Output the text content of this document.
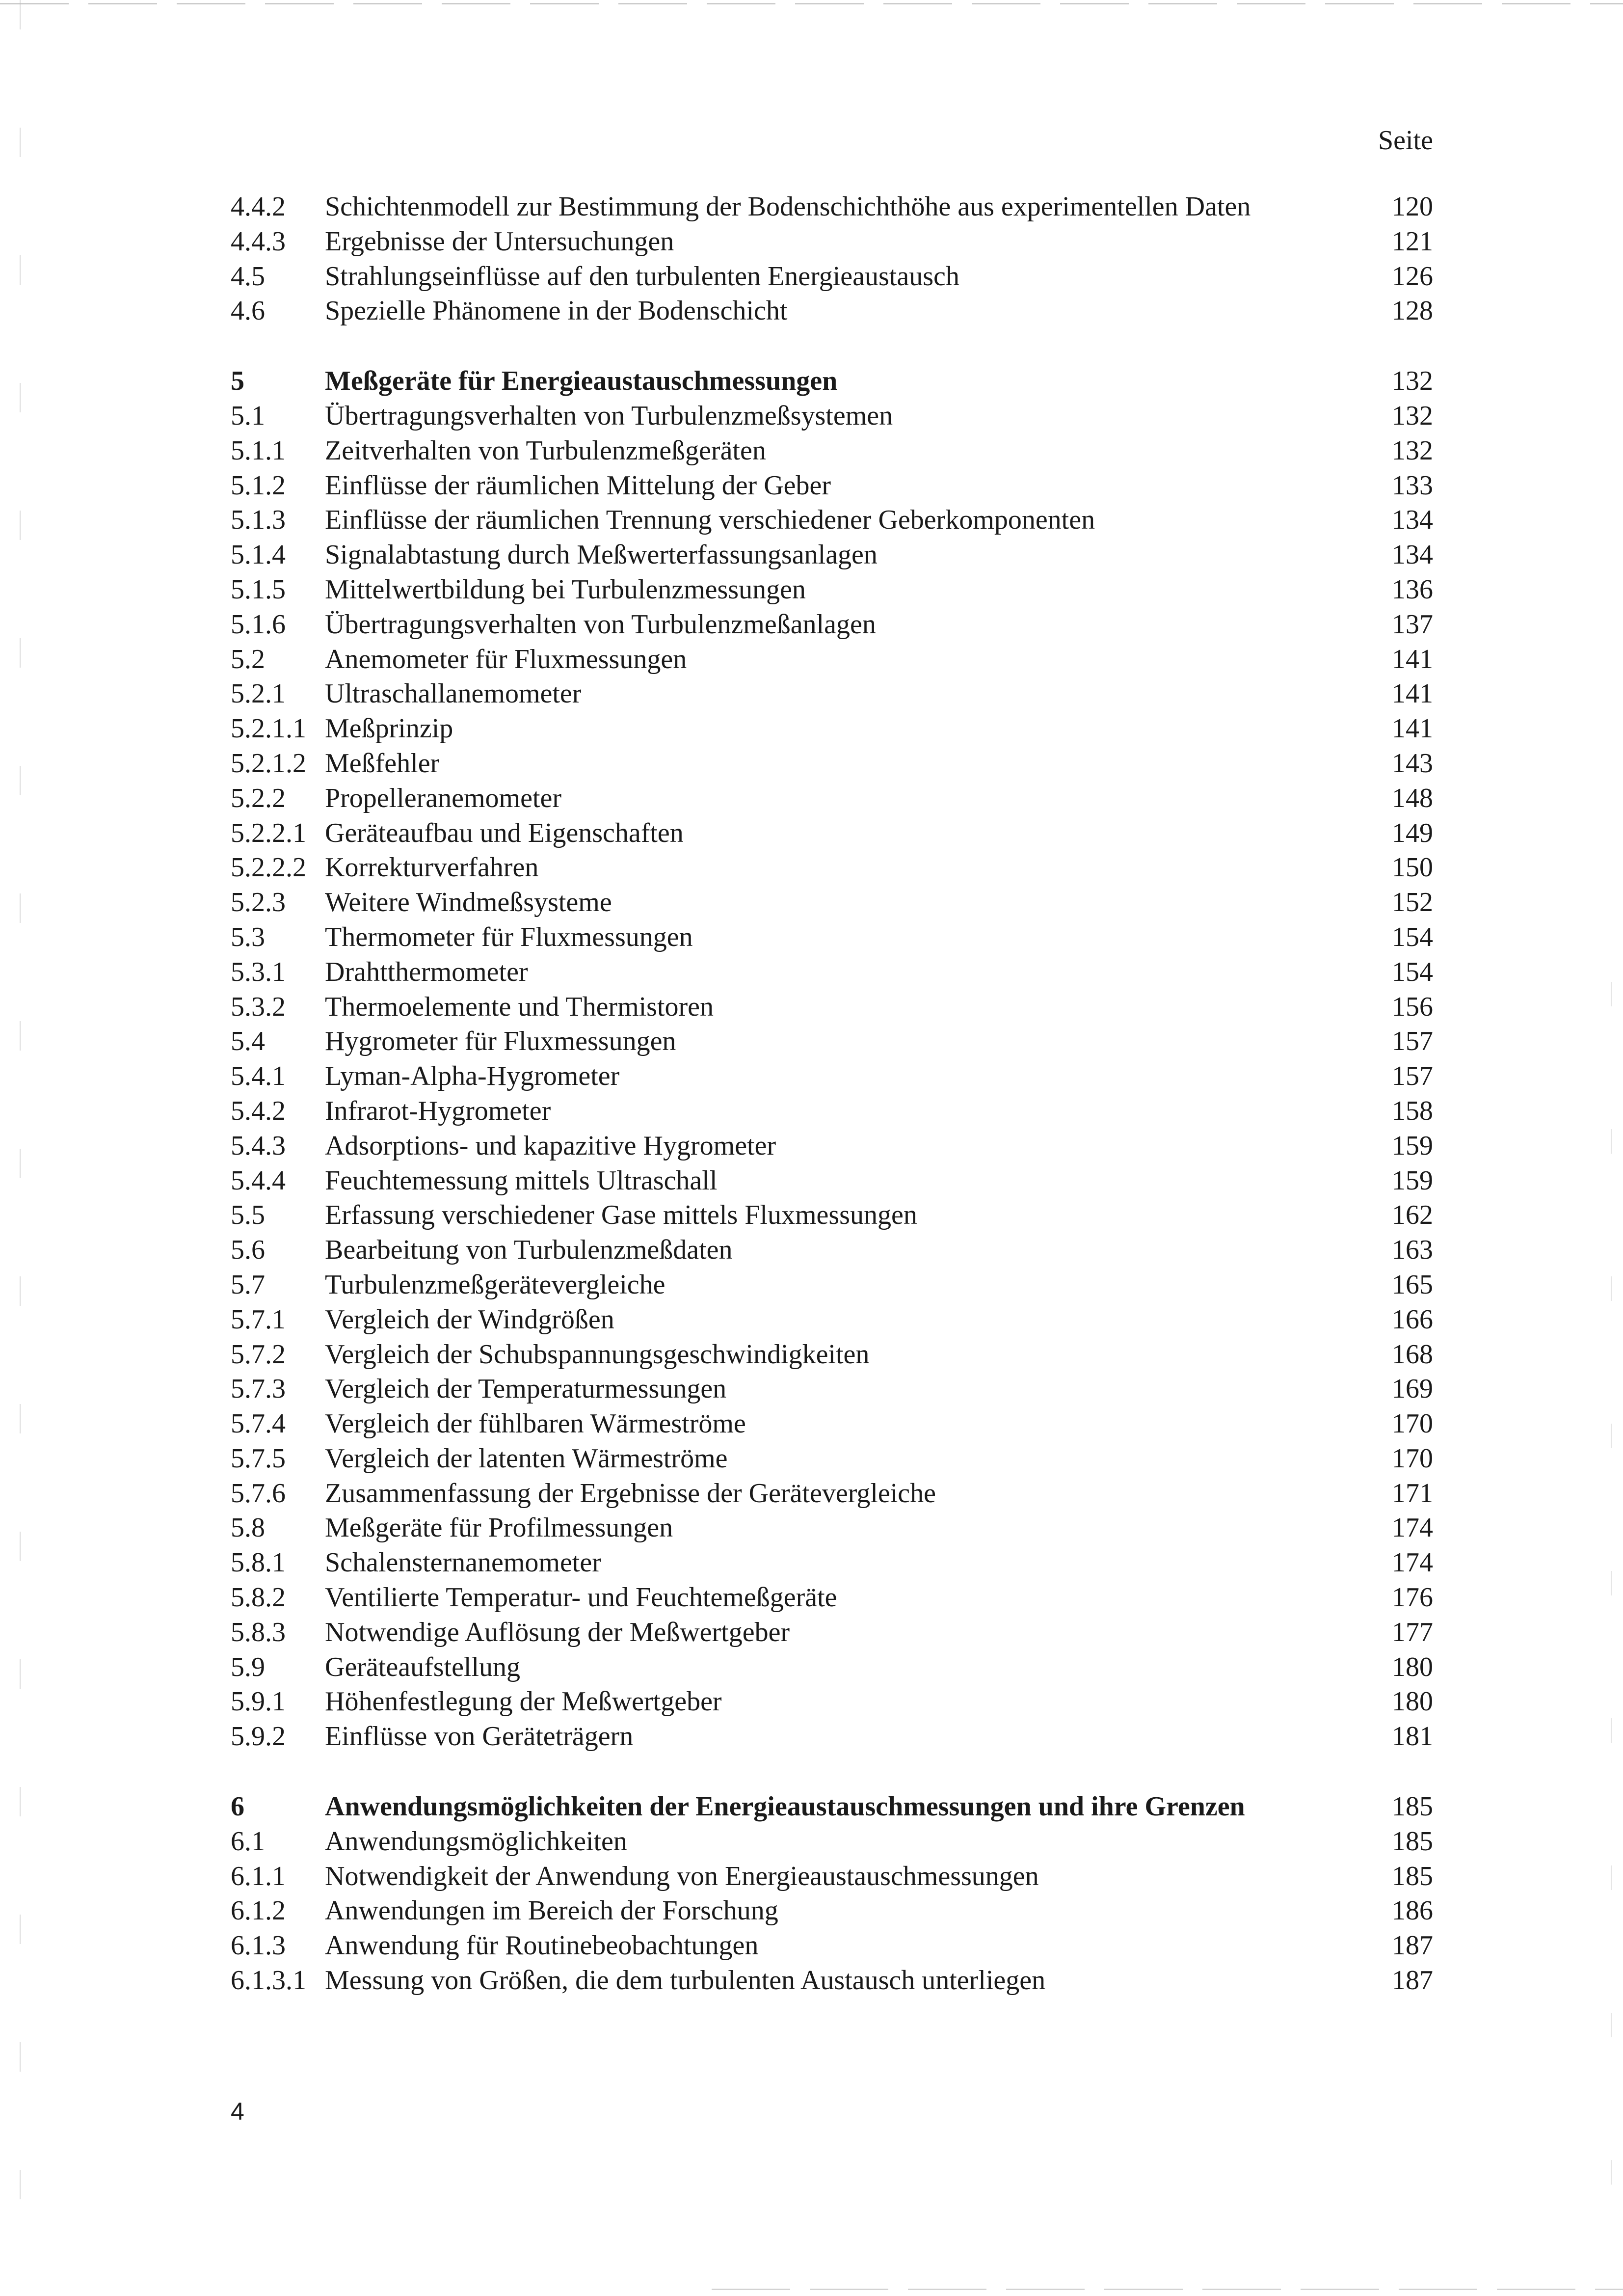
Seite
4.4.2 Schichtenmodell zur Bestimmung der Bodenschichthöhe aus experimentellen Daten	120
4.4.3 Ergebnisse der Untersuchungen	121
4.5 Strahlungseinflüsse auf den turbulenten Energieaustausch	126
4.6 Spezielle Phänomene in der Bodenschicht	128
5	Meßgeräte für Energieaustauschmessungen	132
5.1 Übertragungsverhalten von Turbulenzmeßsystemen	132
5.1.1 Zeitverhalten von Turbulenzmeßgeräten	132
5.1.2 Einflüsse der räumlichen Mittelung der Geber	133
5.1.3 Einflüsse der räumlichen Trennung verschiedener Geberkomponenten	134
5.1.4 Signalabtastung durch Meßwerterfassungsanlagen	134
5.1.5 Mittelwertbildung bei Turbulenzmessungen	136
5.1.6 Übertragungsverhalten von Turbulenzmeßanlagen	137
5.2 Anemometer für Fluxmessungen	141
5.2.1 Ultraschallanemometer	141
5.2.1.1 Meßprinzip	141
5.2.1.2 Meßfehler	143
5.2.2 Propelleranemometer	148
5.2.2.1 Geräteaufbau und Eigenschaften	149
5.2.2.2 Korrekturverfahren	150
5.2.3 Weitere Windmeßsysteme	152
5.3 Thermometer für Fluxmessungen	154
5.3.1 Drahtthermometer	154
5.3.2 Thermoelemente und Thermistoren	156
5.4 Hygrometer für Fluxmessungen	157
5.4.1 Lyman-Alpha-Hygrometer	157
5.4.2 Infrarot-Hygrometer	158
5.4.3 Adsorptions- und kapazitive Hygrometer	159
5.4.4 Feuchtemessung mittels Ultraschall	159
5.5 Erfassung verschiedener Gase mittels Fluxmessungen	162
5.6 Bearbeitung von Turbulenzmeßdaten	163
5.7 Turbulenzmeßgerätevergleiche	165
5.7.1 Vergleich der Windgrößen	166
5.7.2 Vergleich der Schubspannungsgeschwindigkeiten	168
5.7.3 Vergleich der Temperaturmessungen	169
5.7.4 Vergleich der fühlbaren Wärmeströme	170
5.7.5 Vergleich der latenten Wärmeströme	170
5.7.6 Zusammenfassung der Ergebnisse der Gerätevergleiche	171
5.8 Meßgeräte für Profilmessungen	174
5.8.1 Schalensternanemometer	174
5.8.2 Ventilierte Temperatur- und Feuchtemeßgeräte	176
5.8.3 Notwendige Auflösung der Meßwertgeber	177
5.9 Geräteaufstellung	180
5.9.1 Höhenfestlegung der Meßwertgeber	180
5.9.2 Einflüsse von Geräteträgern	181
6	Anwendungsmöglichkeiten der Energieaustauschmessungen und ihre Grenzen	185
6.1 Anwendungsmöglichkeiten	185
6.1.1 Notwendigkeit der Anwendung von Energieaustauschmessungen	185
6.1.2 Anwendungen im Bereich der Forschung	186
6.1.3 Anwendung für Routinebeobachtungen	187
6.1.3.1 Messung von Größen, die dem turbulenten Austausch unterliegen	187
4
